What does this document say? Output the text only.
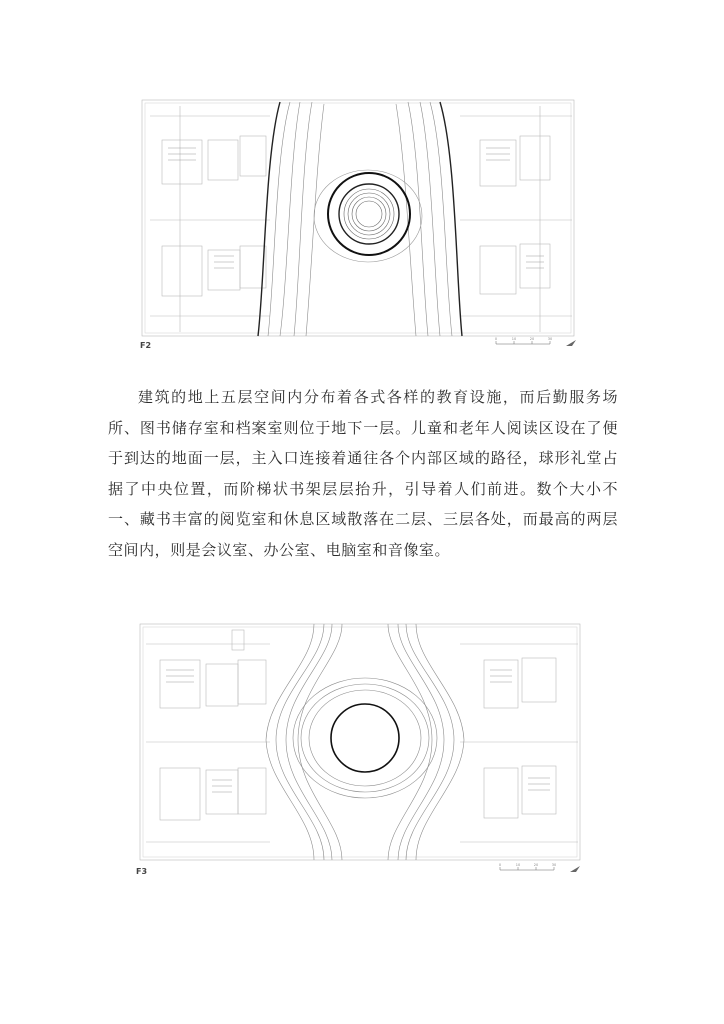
F2
0	10	20	30

建筑的地上五层空间内分布着各式各样的教育设施，而后勤服务场所、图书储存室和档案室则位于地下一层。儿童和老年人阅读区设在了便于到达的地面一层，主入口连接着通往各个内部区域的路径，球形礼堂占据了中央位置，而阶梯状书架层层抬升，引导着人们前进。数个大小不一、藏书丰富的阅览室和休息区域散落在二层、三层各处，而最高的两层空间内，则是会议室、办公室、电脑室和音像室。

F3
0	10	20	30
